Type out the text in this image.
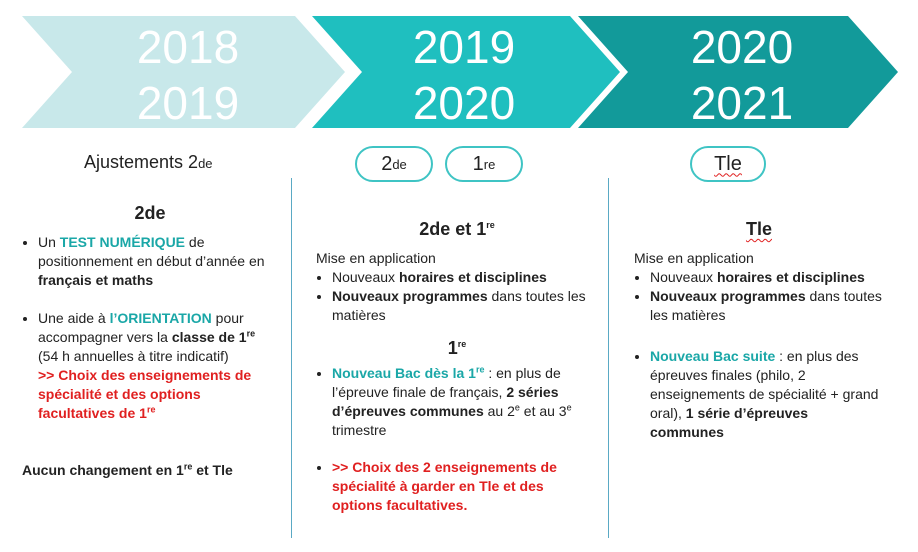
2018
2019
2019
2020
2020
2021
Ajustements 2de	2 de	1 re	Tle
2de
• Un TEST NUMÉRIQUE de positionnement en début d’année en français et maths
• Une aide à l’ORIENTATION pour accompagner vers la classe de 1re (54 h annuelles à titre indicatif)
>> Choix des enseignements de spécialité et des options facultatives de 1re
Aucun changement en 1re et Tle
2de et 1re
Mise en application
• Nouveaux horaires et disciplines
• Nouveaux programmes dans toutes les matières
1re
• Nouveau Bac dès la 1re : en plus de l’épreuve finale de français, 2 séries d’épreuves communes au 2e et au 3e trimestre
• >> Choix des 2 enseignements de spécialité à garder en Tle et des options facultatives.
Tle
Mise en application
• Nouveaux horaires et disciplines
• Nouveaux programmes dans toutes les matières
• Nouveau Bac suite : en plus des épreuves finales (philo, 2 enseignements de spécialité + grand oral), 1 série d’épreuves communes
